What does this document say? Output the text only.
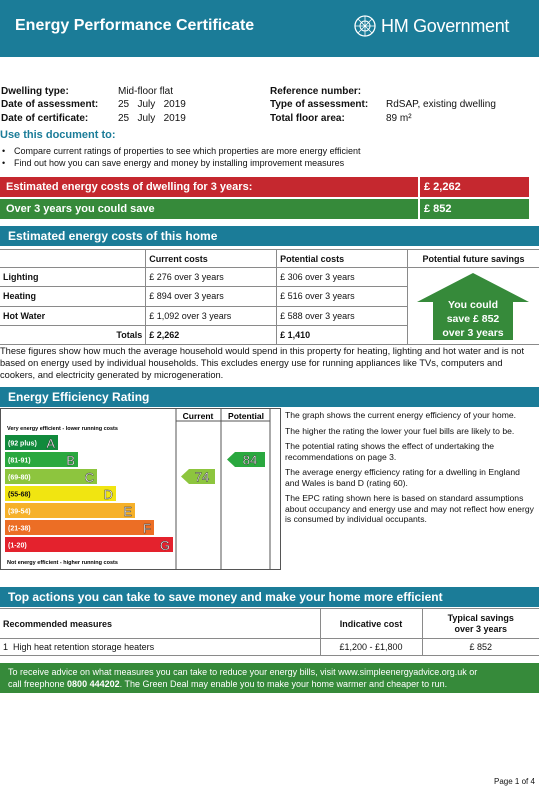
Energy Performance Certificate	HM Government
Dwelling type:	Mid-floor flat	Reference number:
Date of assessment: 25   July   2019	Type of assessment: RdSAP, existing dwelling
Date of certificate:	25   July   2019	Total floor area:	89 m²
Use this document to:
• Compare current ratings of properties to see which properties are more energy efficient
• Find out how you can save energy and money by installing improvement measures
Estimated energy costs of dwelling for 3 years:	£ 2,262
Over 3 years you could save	£ 852
Estimated energy costs of this home
	Current costs	Potential costs	Potential future savings
Lighting	£ 276 over 3 years	£ 306 over 3 years	You could
save £ 852
over 3 years

Heating	£ 894 over 3 years	£ 516 over 3 years	
Hot Water	£ 1,092 over 3 years	£ 588 over 3 years	
Totals	£ 2,262	£ 1,410	
These figures show how much the average household would spend in this property for heating, lighting and hot water and is not based on energy used by individual households. This excludes energy use for running appliances like TVs, computers and cookers, and electricity generated by microgeneration.
Energy Efficiency Rating
Current Potential
Very energy efficient - lower running costs
Not energy efficient - higher running costs
(92 plus) A
(81-91)	B
(69-80)	C
(55-68)	D
(39-54)	E
(21-38)	F
(1-20)	G
74
84

The graph shows the current energy efficiency of your home.

The higher the rating the lower your fuel bills are likely to be.

The potential rating shows the effect of undertaking the recommendations on page 3.

The average energy efficiency rating for a dwelling in England and Wales is band D (rating 60).

The EPC rating shown here is based on standard assumptions about occupancy and energy use and may not reflect how energy is consumed by individual occupants.

Top actions you can take to save money and make your home more efficient
Recommended measures	Indicative cost	Typical savings
over 3 years

1 High heat retention storage heaters	£1,200 - £1,800	£ 852
To receive advice on what measures you can take to reduce your energy bills, visit www.simpleenergyadvice.org.uk or
call freephone 0800 444202. The Green Deal may enable you to make your home warmer and cheaper to run.
Page 1 of 4
